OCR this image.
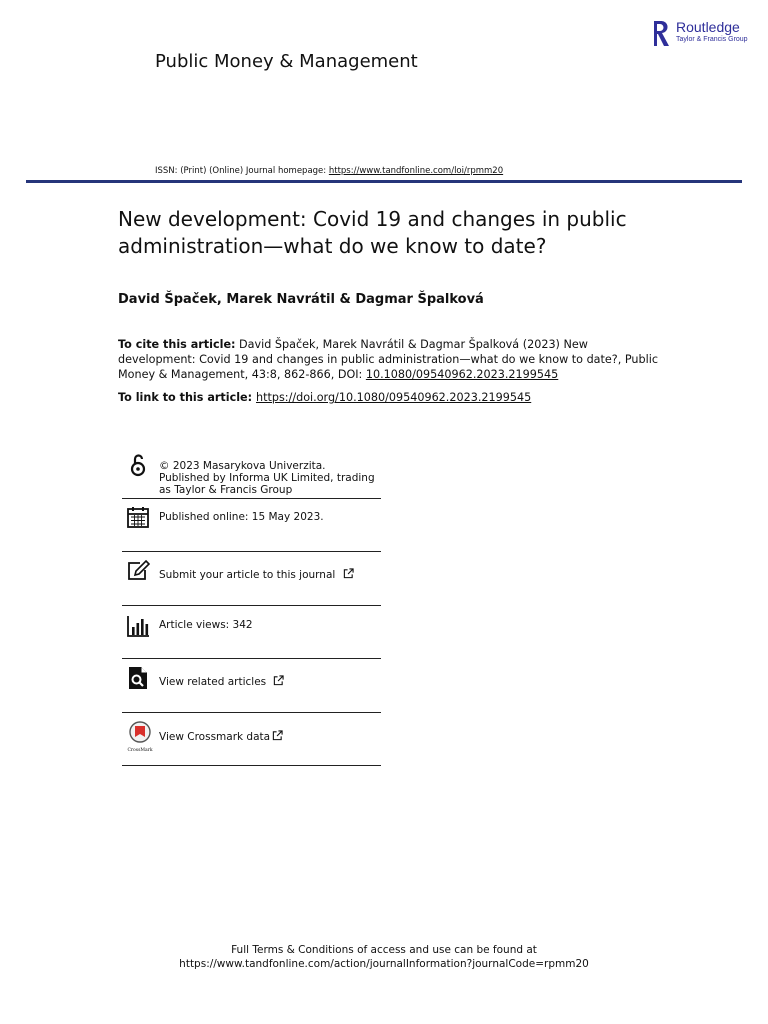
Public Money & Management
Routledge
Taylor & Francis Group
ISSN: (Print) (Online) Journal homepage: https://www.tandfonline.com/loi/rpmm20
New development: Covid 19 and changes in public administration—what do we know to date?
David Špaček, Marek Navrátil & Dagmar Špalková
To cite this article: David Špaček, Marek Navrátil & Dagmar Špalková (2023) New development: Covid 19 and changes in public administration—what do we know to date?, Public Money & Management, 43:8, 862-866, DOI: 10.1080/09540962.2023.2199545
To link to this article: https://doi.org/10.1080/09540962.2023.2199545
© 2023 Masarykova Univerzita. Published by Informa UK Limited, trading as Taylor & Francis Group
Published online: 15 May 2023.
Submit your article to this journal
Article views: 342
View related articles
CrossMark
View Crossmark data
Full Terms & Conditions of access and use can be found at
https://www.tandfonline.com/action/journalInformation?journalCode=rpmm20
